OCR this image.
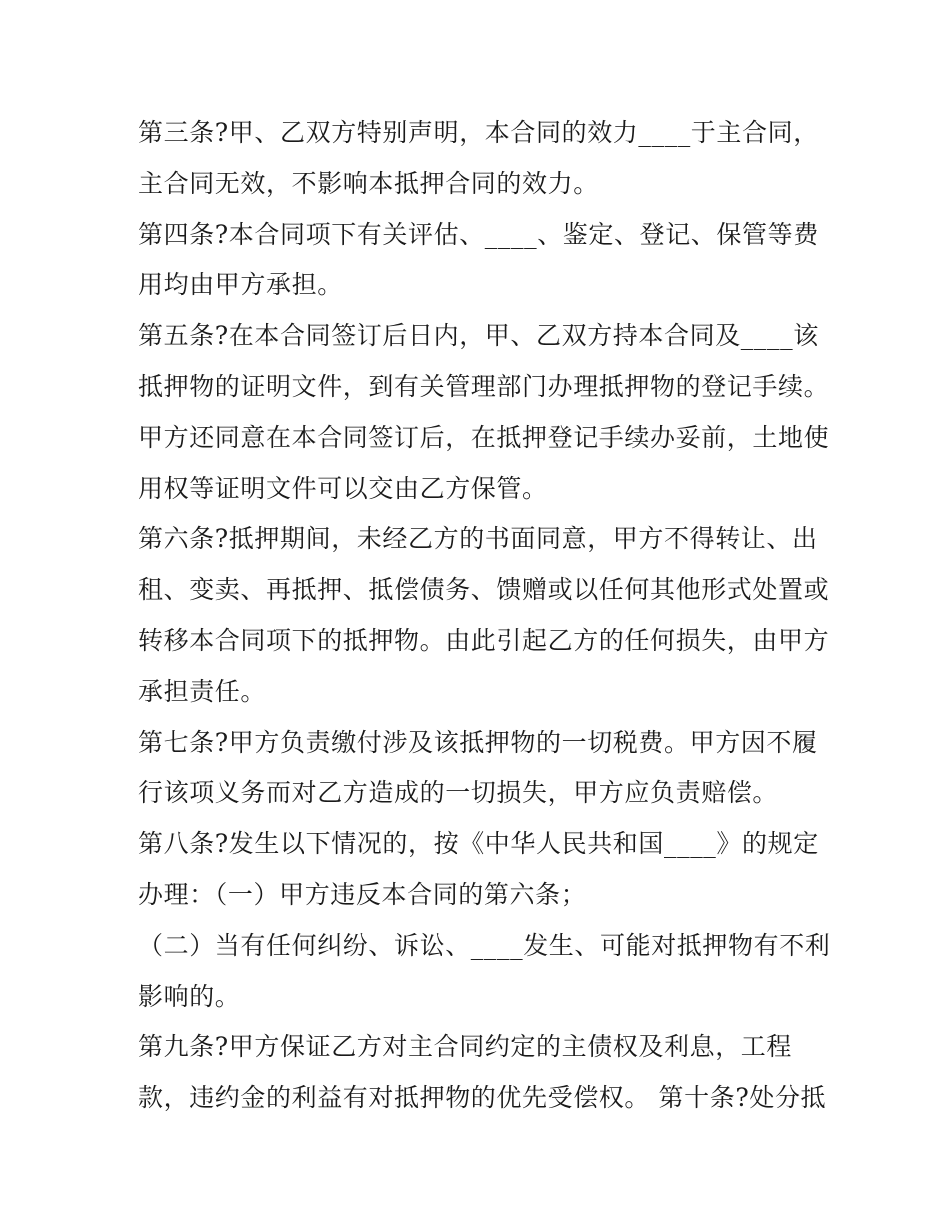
第三条?甲、乙双方特别声明，本合同的效力____于主合同，
主合同无效，不影响本抵押合同的效力。
第四条?本合同项下有关评估、____、鉴定、登记、保管等费
用均由甲方承担。
第五条?在本合同签订后日内，甲、乙双方持本合同及____该
抵押物的证明文件，到有关管理部门办理抵押物的登记手续。
甲方还同意在本合同签订后，在抵押登记手续办妥前，土地使
用权等证明文件可以交由乙方保管。
第六条?抵押期间，未经乙方的书面同意，甲方不得转让、出
租、变卖、再抵押、抵偿债务、馈赠或以任何其他形式处置或
转移本合同项下的抵押物。由此引起乙方的任何损失，由甲方
承担责任。
第七条?甲方负责缴付涉及该抵押物的一切税费。甲方因不履
行该项义务而对乙方造成的一切损失，甲方应负责赔偿。
第八条?发生以下情况的，按《中华人民共和国____》的规定
办理：（一）甲方违反本合同的第六条；
（二）当有任何纠纷、诉讼、____发生、可能对抵押物有不利
影响的。
第九条?甲方保证乙方对主合同约定的主债权及利息，工程
款，违约金的利益有对抵押物的优先受偿权。 第十条?处分抵
